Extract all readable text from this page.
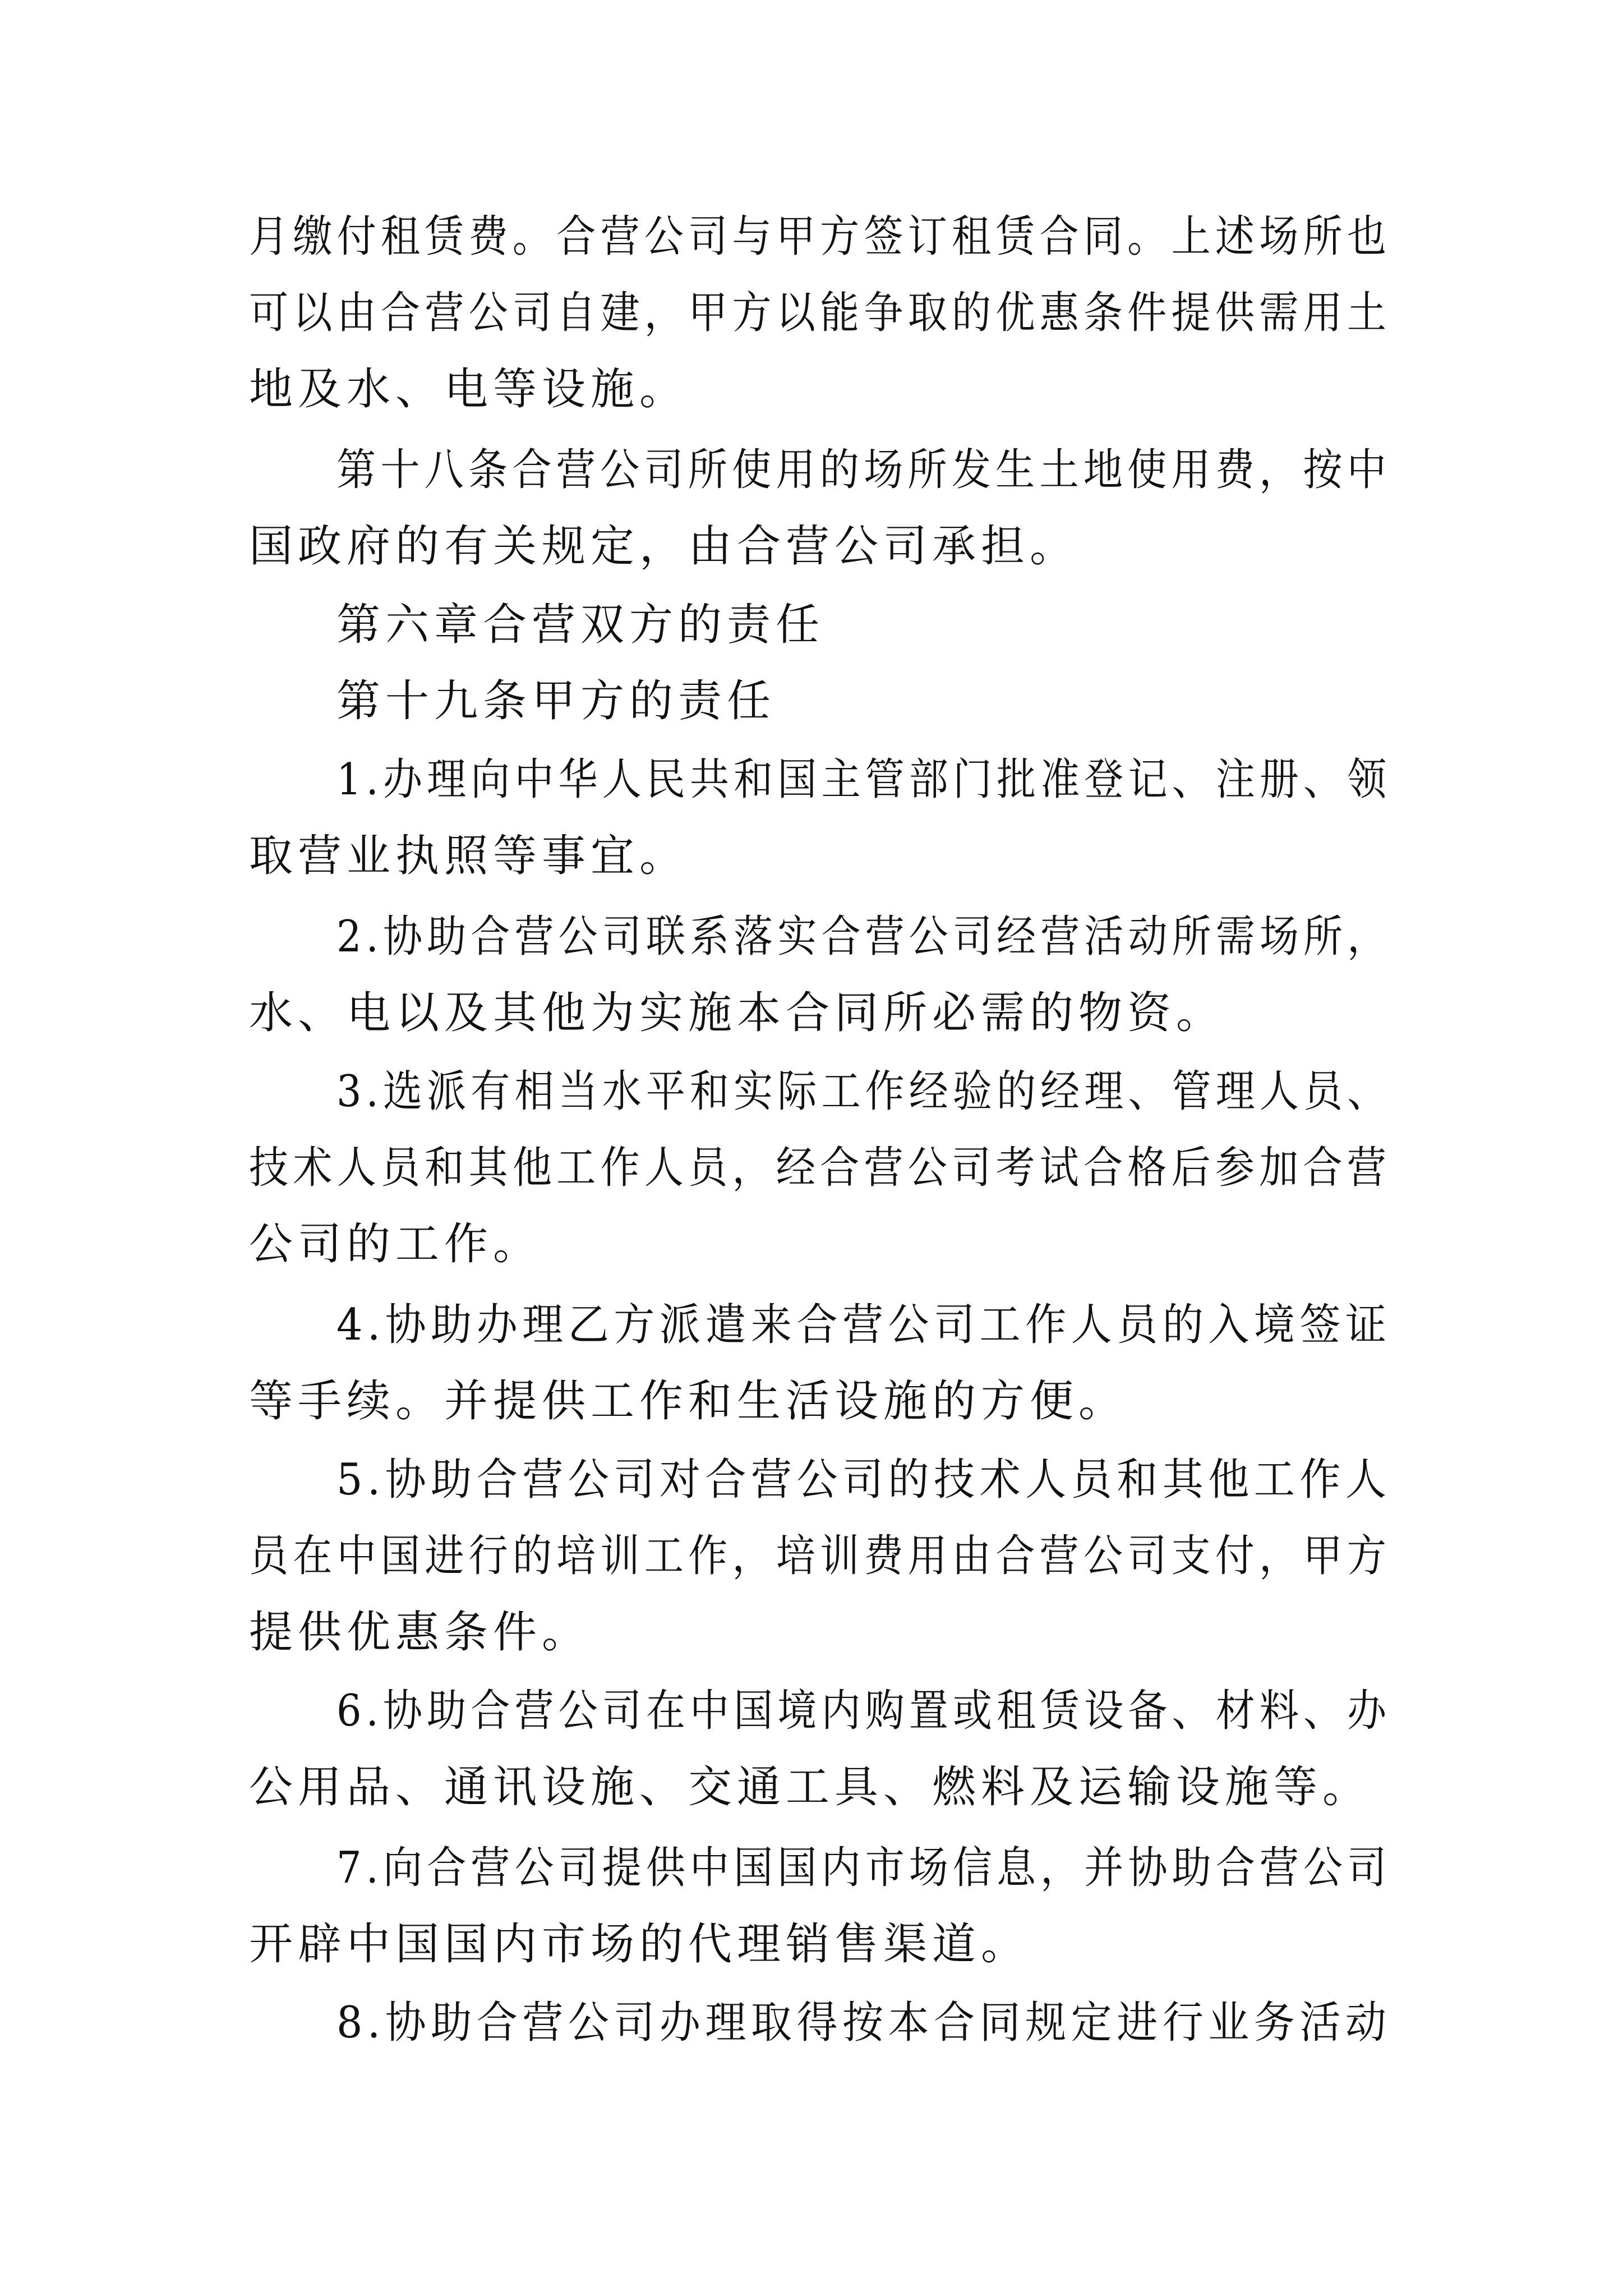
月缴付租赁费。合营公司与甲方签订租赁合同。上述场所也
可以由合营公司自建，甲方以能争取的优惠条件提供需用土
地及水、电等设施。
第十八条合营公司所使用的场所发生土地使用费，按中
国政府的有关规定，由合营公司承担。
第六章合营双方的责任
第十九条甲方的责任
1.办理向中华人民共和国主管部门批准登记、注册、领
取营业执照等事宜。
2.协助合营公司联系落实合营公司经营活动所需场所，
水、电以及其他为实施本合同所必需的物资。
3.选派有相当水平和实际工作经验的经理、管理人员、
技术人员和其他工作人员，经合营公司考试合格后参加合营
公司的工作。
4.协助办理乙方派遣来合营公司工作人员的入境签证
等手续。并提供工作和生活设施的方便。
5.协助合营公司对合营公司的技术人员和其他工作人
员在中国进行的培训工作，培训费用由合营公司支付，甲方
提供优惠条件。
6.协助合营公司在中国境内购置或租赁设备、材料、办
公用品、通讯设施、交通工具、燃料及运输设施等。
7.向合营公司提供中国国内市场信息，并协助合营公司
开辟中国国内市场的代理销售渠道。
8.协助合营公司办理取得按本合同规定进行业务活动
